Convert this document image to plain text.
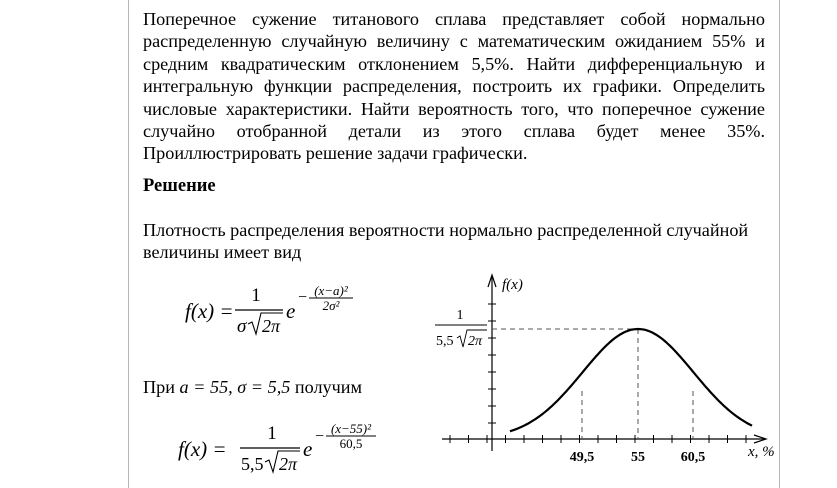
Поперечное сужение титанового сплава представляет собой нормально распределенную случайную величину с математическим ожиданием 55% и средним квадратическим отклонением 5,5%. Найти дифференциальную и интегральную функции распределения, построить их графики. Определить числовые характеристики. Найти вероятность того, что поперечное сужение случайно отобранной детали из этого сплава будет менее 35%. Проиллюстрировать решение задачи графически.

Решение

Плотность распределения вероятности нормально распределенной случайной величины имеет вид

f(x) =
1
σ 2π
e
− (x−a)²
2σ²

При a = 55, σ = 5,5 получим

f(x) =
1
5,5 2π
e
− (x−55)²
60,5
1
5,5 2π
f(x)
x, %
49,5	55	60,5
